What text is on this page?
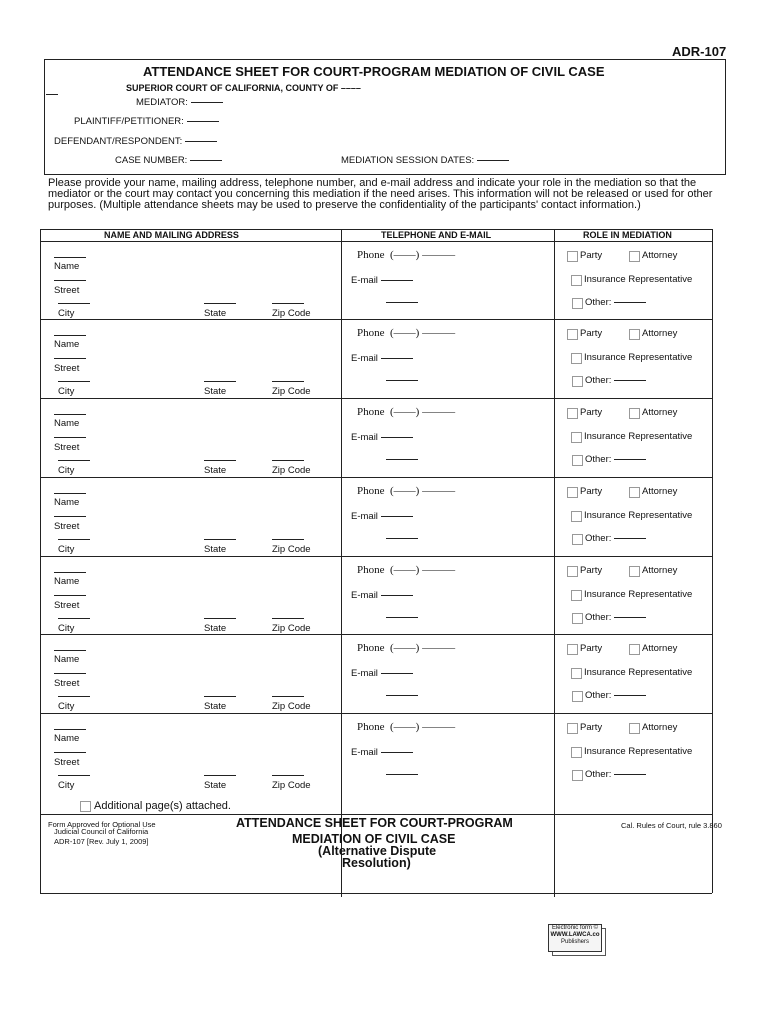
ADR-107
ATTENDANCE SHEET FOR COURT-PROGRAM MEDIATION OF CIVIL CASE
SUPERIOR COURT OF CALIFORNIA, COUNTY OF ––––
MEDIATOR:
PLAINTIFF/PETITIONER:
DEFENDANT/RESPONDENT:
CASE NUMBER:	MEDIATION SESSION DATES:
Please provide your name, mailing address, telephone number, and e-mail address and indicate your role in the mediation so that the mediator or the court may contact you concerning this mediation if the need arises. This information will not be released or used for other purposes. (Multiple attendance sheets may be used to preserve the confidentiality of the participants' contact information.)
NAME AND MAILING ADDRESS	TELEPHONE AND E-MAIL	ROLE IN MEDIATION
Name
Street
City	State	Zip Code
Phone (——) ———
E-mail
Party	Attorney
Insurance Representative
Other:
Name
Street
City	State	Zip Code
Phone (——) ———
E-mail
Party	Attorney
Insurance Representative
Other:
Name
Street
City	State	Zip Code
Phone (——) ———
E-mail
Party	Attorney
Insurance Representative
Other:
Name
Street
City	State	Zip Code
Phone (——) ———
E-mail
Party	Attorney
Insurance Representative
Other:
Name
Street
City	State	Zip Code
Phone (——) ———
E-mail
Party	Attorney
Insurance Representative
Other:
Name
Street
City	State	Zip Code
Phone (——) ———
E-mail
Party	Attorney
Insurance Representative
Other:
Name
Street
City	State	Zip Code
Phone (——) ———
E-mail
Party	Attorney
Insurance Representative
Other:
Additional page(s) attached.
Form Approved for Optional Use
Judicial Council of California
ADR-107 [Rev. July 1, 2009]
ATTENDANCE SHEET FOR COURT-PROGRAM
MEDIATION OF CIVIL CASE
(Alternative Dispute
Resolution)
Cal. Rules of Court, rule 3.860
Electronic form ©
WWW.LAWCA.co
Publishers
